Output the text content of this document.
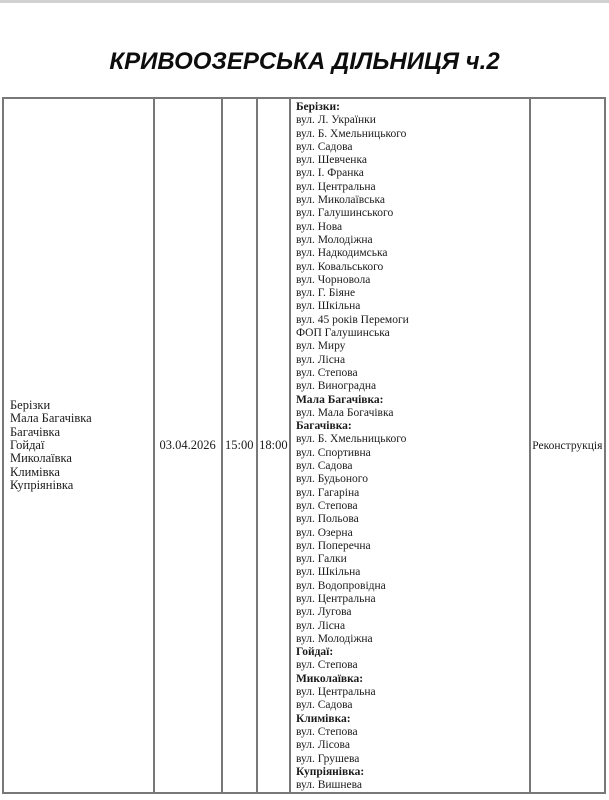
КРИВООЗЕРСЬКА ДІЛЬНИЦЯ ч.2
Берізки
Мала Багачівка
Багачівка
Гойдаї
Миколаївка
Климівка
Купріянівка

03.04.2026	15:00	18:00

Берізки:
вул. Л. Українки
вул. Б. Хмельницького
вул. Садова
вул. Шевченка
вул. І. Франка
вул. Центральна
вул. Миколаївська
вул. Галушинського
вул. Нова
вул. Молодіжна
вул. Надкодимська
вул. Ковальського
вул. Чорновола
вул. Г. Біяне
вул. Шкільна
вул. 45 років Перемоги
ФОП Галушинська
вул. Миру
вул. Лісна
вул. Степова
вул. Виноградна
Мала Багачівка:
вул. Мала Богачівка
Багачівка:
вул. Б. Хмельницького
вул. Спортивна
вул. Садова
вул. Будьоного
вул. Гагаріна
вул. Степова
вул. Польова
вул. Озерна
вул. Поперечна
вул. Галки
вул. Шкільна
вул. Водопровідна
вул. Центральна
вул. Лугова
вул. Лісна
вул. Молодіжна
Гойдаї:
вул. Степова
Миколаївка:
вул. Центральна
вул. Садова
Климівка:
вул. Степова
вул. Лісова
вул. Грушева
Купріянівка:
вул. Вишнева

Реконструкція
